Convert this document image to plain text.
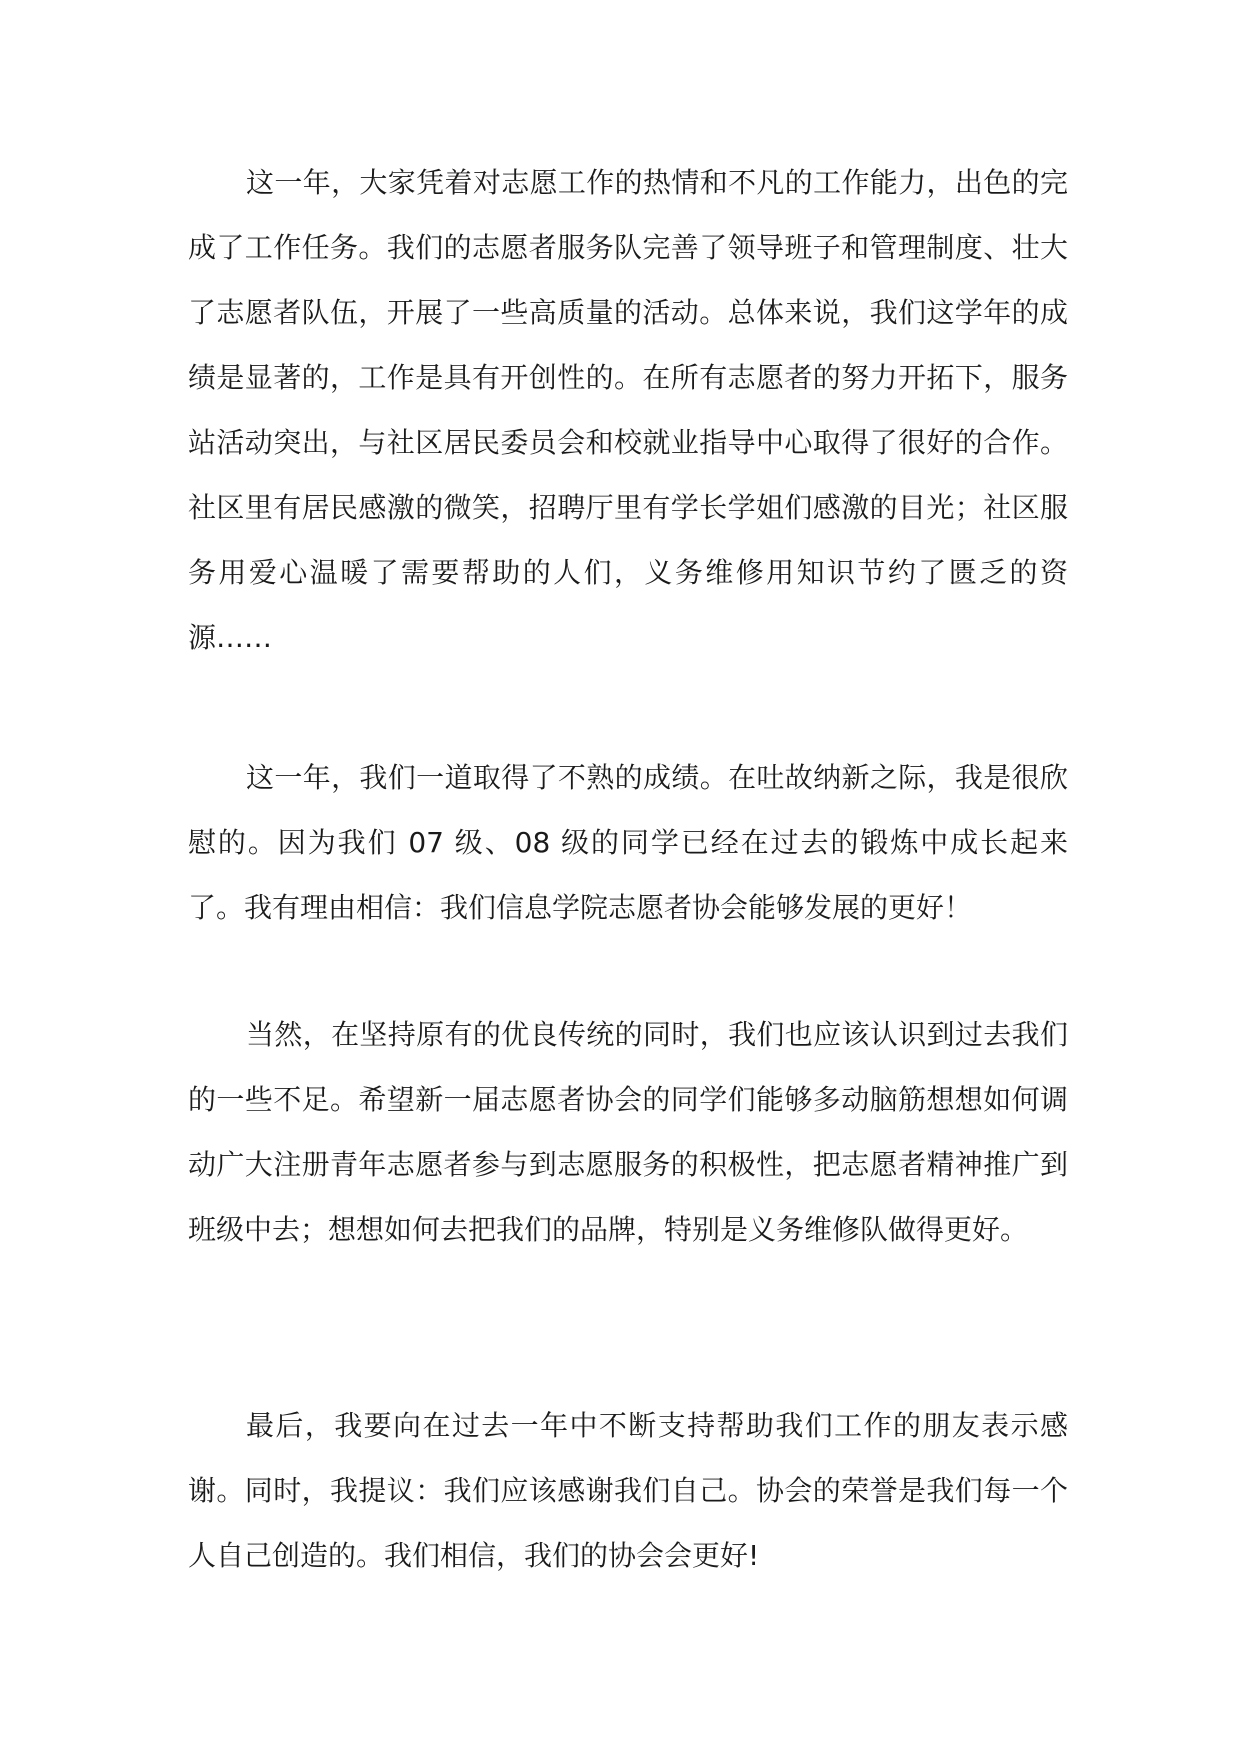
这一年，大家凭着对志愿工作的热情和不凡的工作能力，出色的完成了工作任务。我们的志愿者服务队完善了领导班子和管理制度、壮大了志愿者队伍，开展了一些高质量的活动。总体来说，我们这学年的成绩是显著的，工作是具有开创性的。在所有志愿者的努力开拓下，服务站活动突出，与社区居民委员会和校就业指导中心取得了很好的合作。社区里有居民感激的微笑，招聘厅里有学长学姐们感激的目光；社区服务用爱心温暖了需要帮助的人们，义务维修用知识节约了匮乏的资源……

这一年，我们一道取得了不熟的成绩。在吐故纳新之际，我是很欣慰的。因为我们 07 级、08 级的同学已经在过去的锻炼中成长起来了。我有理由相信：我们信息学院志愿者协会能够发展的更好！

当然，在坚持原有的优良传统的同时，我们也应该认识到过去我们的一些不足。希望新一届志愿者协会的同学们能够多动脑筋想想如何调动广大注册青年志愿者参与到志愿服务的积极性，把志愿者精神推广到班级中去；想想如何去把我们的品牌，特别是义务维修队做得更好。

最后，我要向在过去一年中不断支持帮助我们工作的朋友表示感谢。同时，我提议：我们应该感谢我们自己。协会的荣誉是我们每一个人自己创造的。我们相信，我们的协会会更好!
